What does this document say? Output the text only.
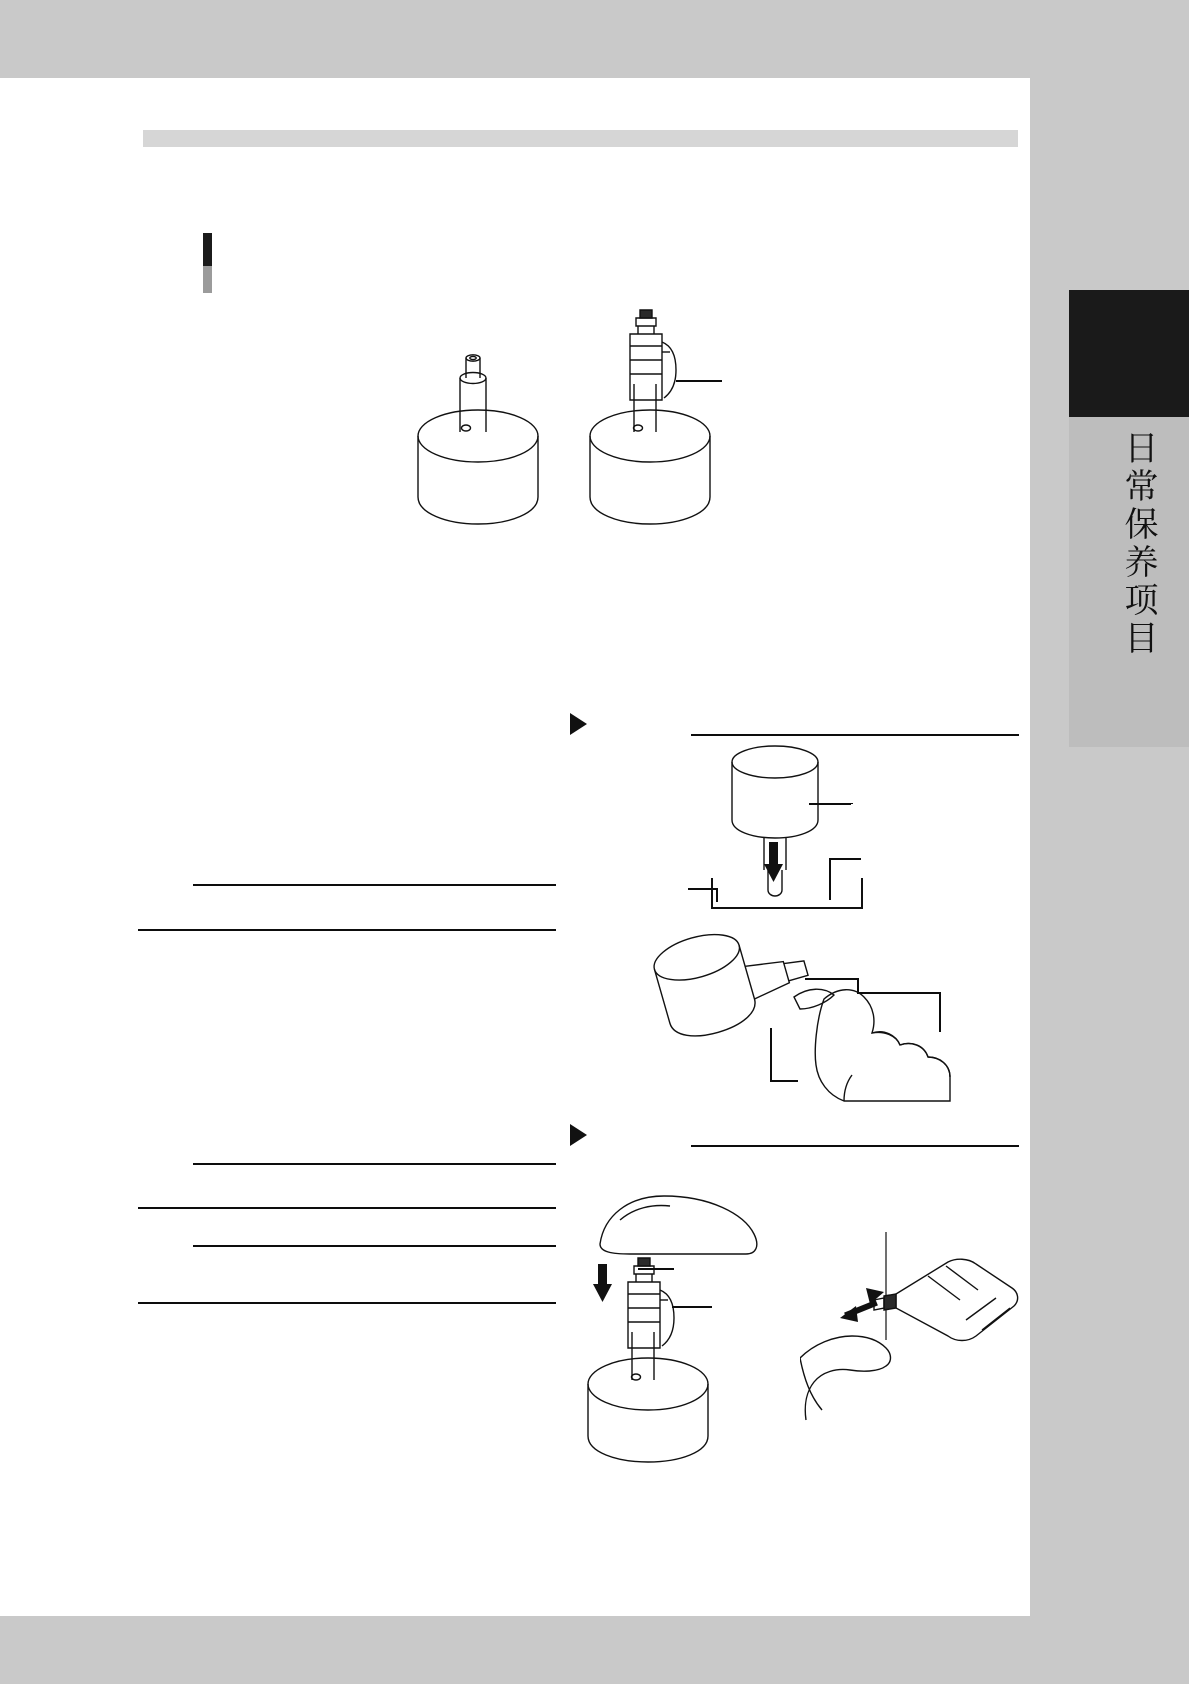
日常保养项目
